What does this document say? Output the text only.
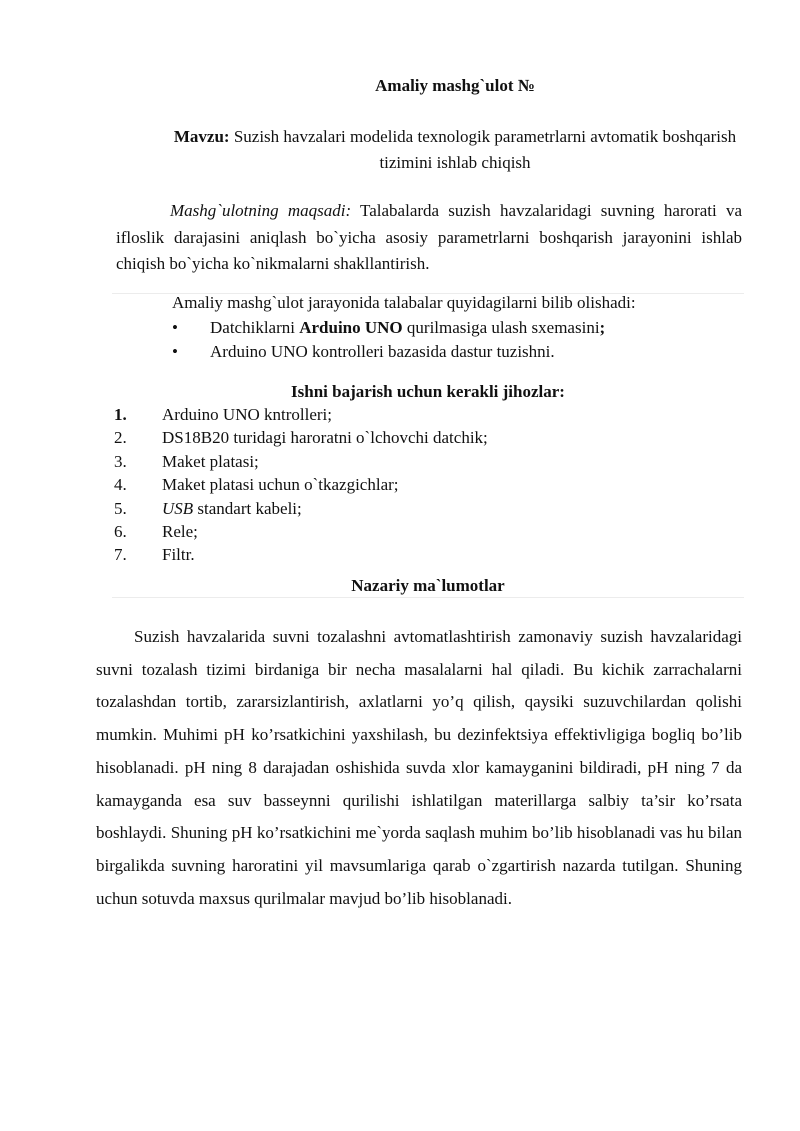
Amaliy mashg`ulot №

Mavzu: Suzish havzalari modelida texnologik parametrlarni avtomatik boshqarish tizimini ishlab chiqish

Mashg`ulotning maqsadi: Talabalarda suzish havzalaridagi suvning harorati va ifloslik darajasini aniqlash bo`yicha asosiy parametrlarni boshqarish jarayonini ishlab chiqish bo`yicha ko`nikmalarni shakllantirish.

Amaliy mashg`ulot jarayonida talabalar quyidagilarni bilib olishadi:

• Datchiklarni Arduino UNO qurilmasiga ulash sxemasini;
• Arduino UNO kontrolleri bazasida dastur tuzishni.

Ishni bajarish uchun kerakli jihozlar:

1. Arduino UNO kntrolleri;
2. DS18B20 turidagi haroratni o`lchovchi datchik;
3. Maket platasi;
4. Maket platasi uchun o`tkazgichlar;
5. USB standart kabeli;
6. Rele;
7. Filtr.

Nazariy ma`lumotlar

Suzish havzalarida suvni tozalashni avtomatlashtirish zamonaviy suzish havzalaridagi suvni tozalash tizimi birdaniga bir necha masalalarni hal qiladi. Bu kichik zarrachalarni tozalashdan tortib, zararsizlantirish, axlatlarni yo’q qilish, qaysiki suzuvchilardan qolishi mumkin. Muhimi pH ko’rsatkichini yaxshilash, bu dezinfektsiya effektivligiga bogliq bo’lib hisoblanadi. pH ning 8 darajadan oshishida suvda xlor kamayganini bildiradi, pH ning 7 da kamayganda esa suv basseynni qurilishi ishlatilgan materillarga salbiy ta’sir ko’rsata boshlaydi. Shuning pH ko’rsatkichini me`yorda saqlash muhim bo’lib hisoblanadi vas hu bilan birgalikda suvning haroratini yil mavsumlariga qarab o`zgartirish nazarda tutilgan. Shuning uchun sotuvda maxsus qurilmalar mavjud bo’lib hisoblanadi.
